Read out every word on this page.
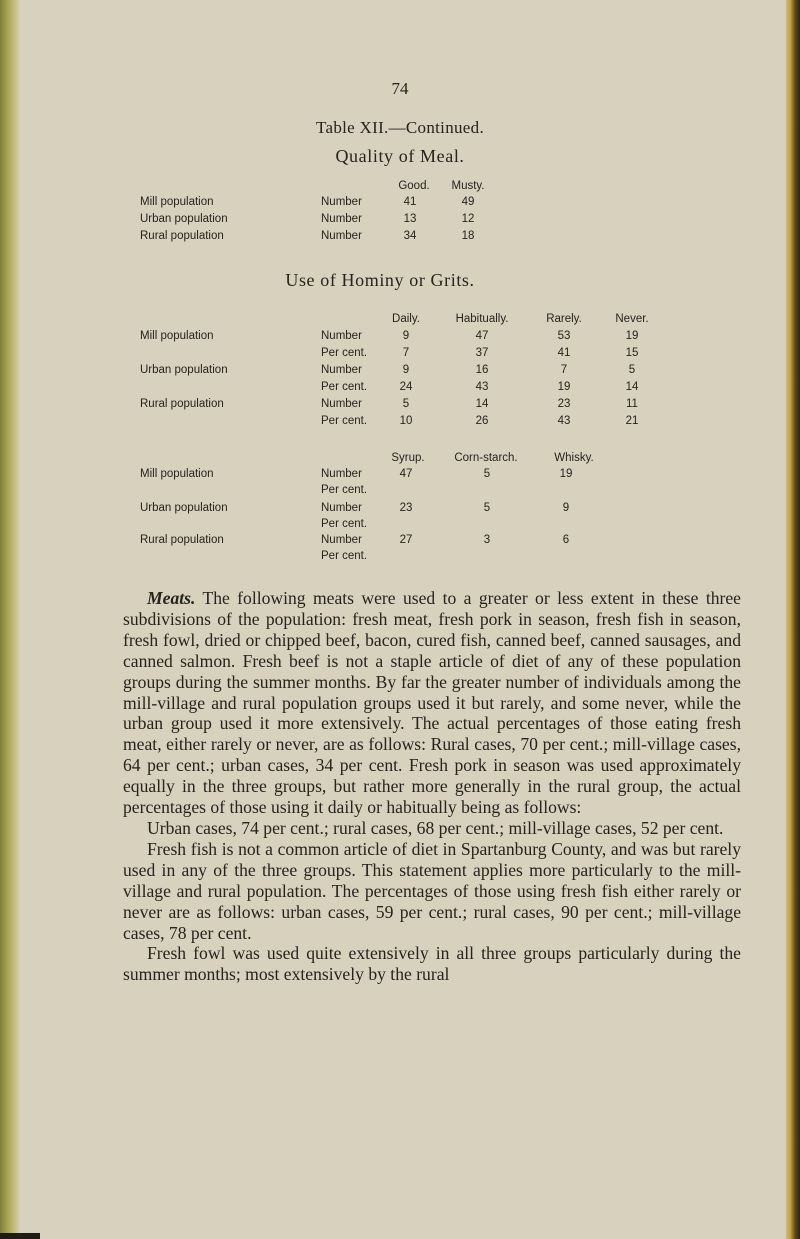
74
Table XII.—Continued.
Quality of Meal.
Good.	Musty.
Mill population	Number	41	49
Urban population	Number	13	12
Rural population	Number	34	18
Use of Hominy or Grits.
Daily.	Habitually.	Rarely.	Never.
Mill population	Number	9	47	53	19
Per cent.	7	37	41	15
Urban population	Number	9	16	7	5
Per cent.	24	43	19	14
Rural population	Number	5	14	23	11
Per cent.	10	26	43	21
Syrup.	Corn-starch.	Whisky.
Mill population	Number	47	5	19
Per cent.
Urban population	Number	23	5	9
Per cent.
Rural population	Number	27	3	6
Per cent.

Meats. The following meats were used to a greater or less extent in these three subdivisions of the population: fresh meat, fresh pork in season, fresh fish in season, fresh fowl, dried or chipped beef, bacon, cured fish, canned beef, canned sausages, and canned salmon. Fresh beef is not a staple article of diet of any of these population groups during the summer months. By far the greater number of individuals among the mill-village and rural population groups used it but rarely, and some never, while the urban group used it more extensively. The actual percentages of those eating fresh meat, either rarely or never, are as follows: Rural cases, 70 per cent.; mill-village cases, 64 per cent.; urban cases, 34 per cent. Fresh pork in season was used approximately equally in the three groups, but rather more generally in the rural group, the actual percentages of those using it daily or habitually being as follows:

Urban cases, 74 per cent.; rural cases, 68 per cent.; mill-village cases, 52 per cent.

Fresh fish is not a common article of diet in Spartanburg County, and was but rarely used in any of the three groups. This statement applies more particularly to the mill-village and rural population. The percentages of those using fresh fish either rarely or never are as follows: urban cases, 59 per cent.; rural cases, 90 per cent.; mill-village cases, 78 per cent.

Fresh fowl was used quite extensively in all three groups particularly during the summer months; most extensively by the rural
